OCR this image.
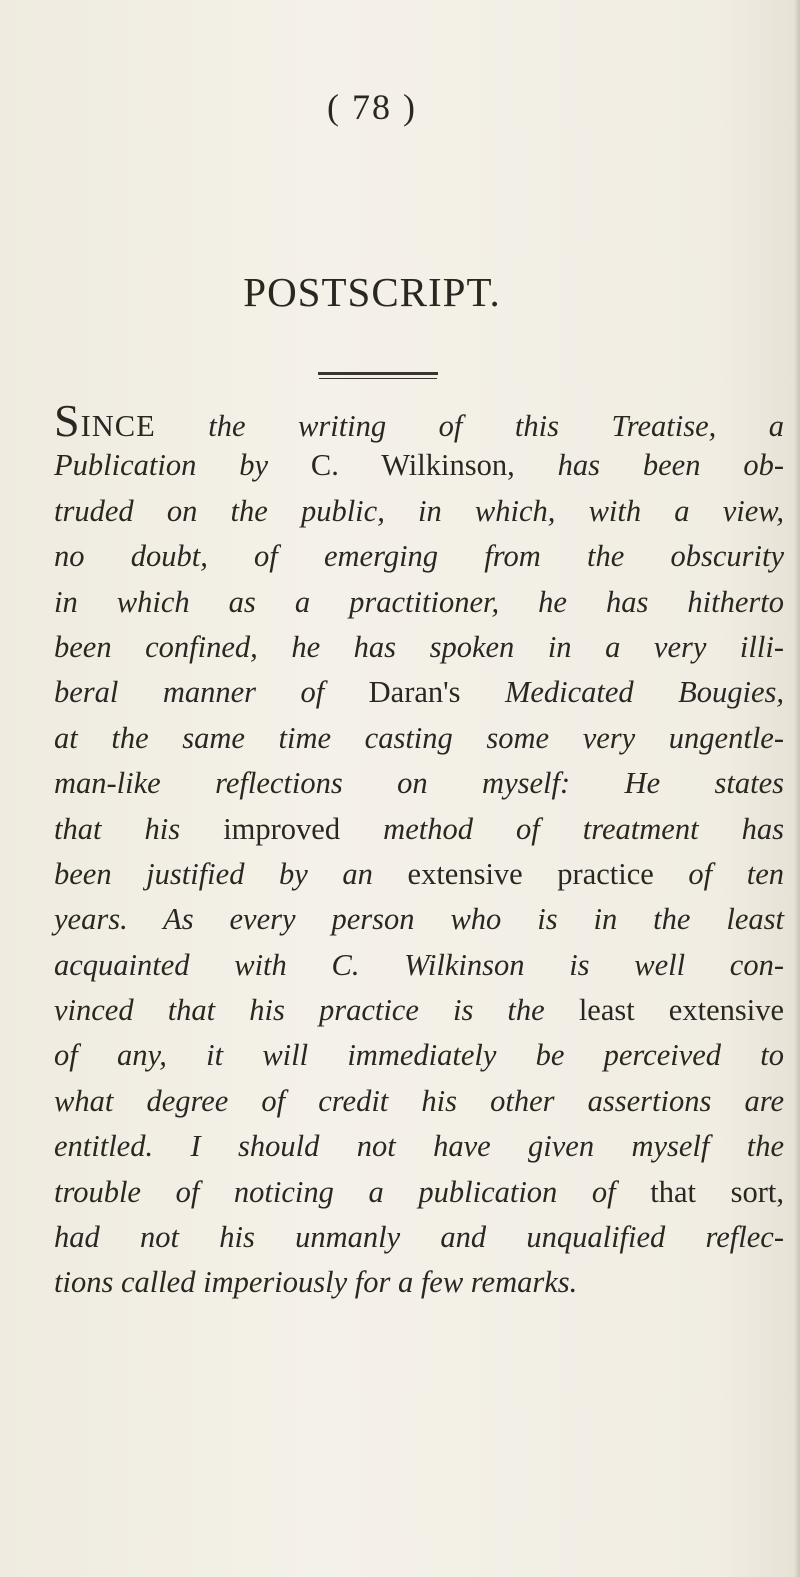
( 78 )
POSTSCRIPT.
SINCE the writing of this Treatise, a
Publication by C. Wilkinson, has been ob-
truded on the public, in which, with a view,
no doubt, of emerging from the obscurity
in which as a practitioner, he has hitherto
been confined, he has spoken in a very illi-
beral manner of Daran's Medicated Bougies,
at the same time casting some very ungentle-
man-like reflections on myself: He states
that his improved method of treatment has
been justified by an extensive practice of ten
years. As every person who is in the least
acquainted with C. Wilkinson is well con-
vinced that his practice is the least extensive
of any, it will immediately be perceived to
what degree of credit his other assertions are
entitled. I should not have given myself the
trouble of noticing a publication of that sort,
had not his unmanly and unqualified reflec-
tions called imperiously for a few remarks.
